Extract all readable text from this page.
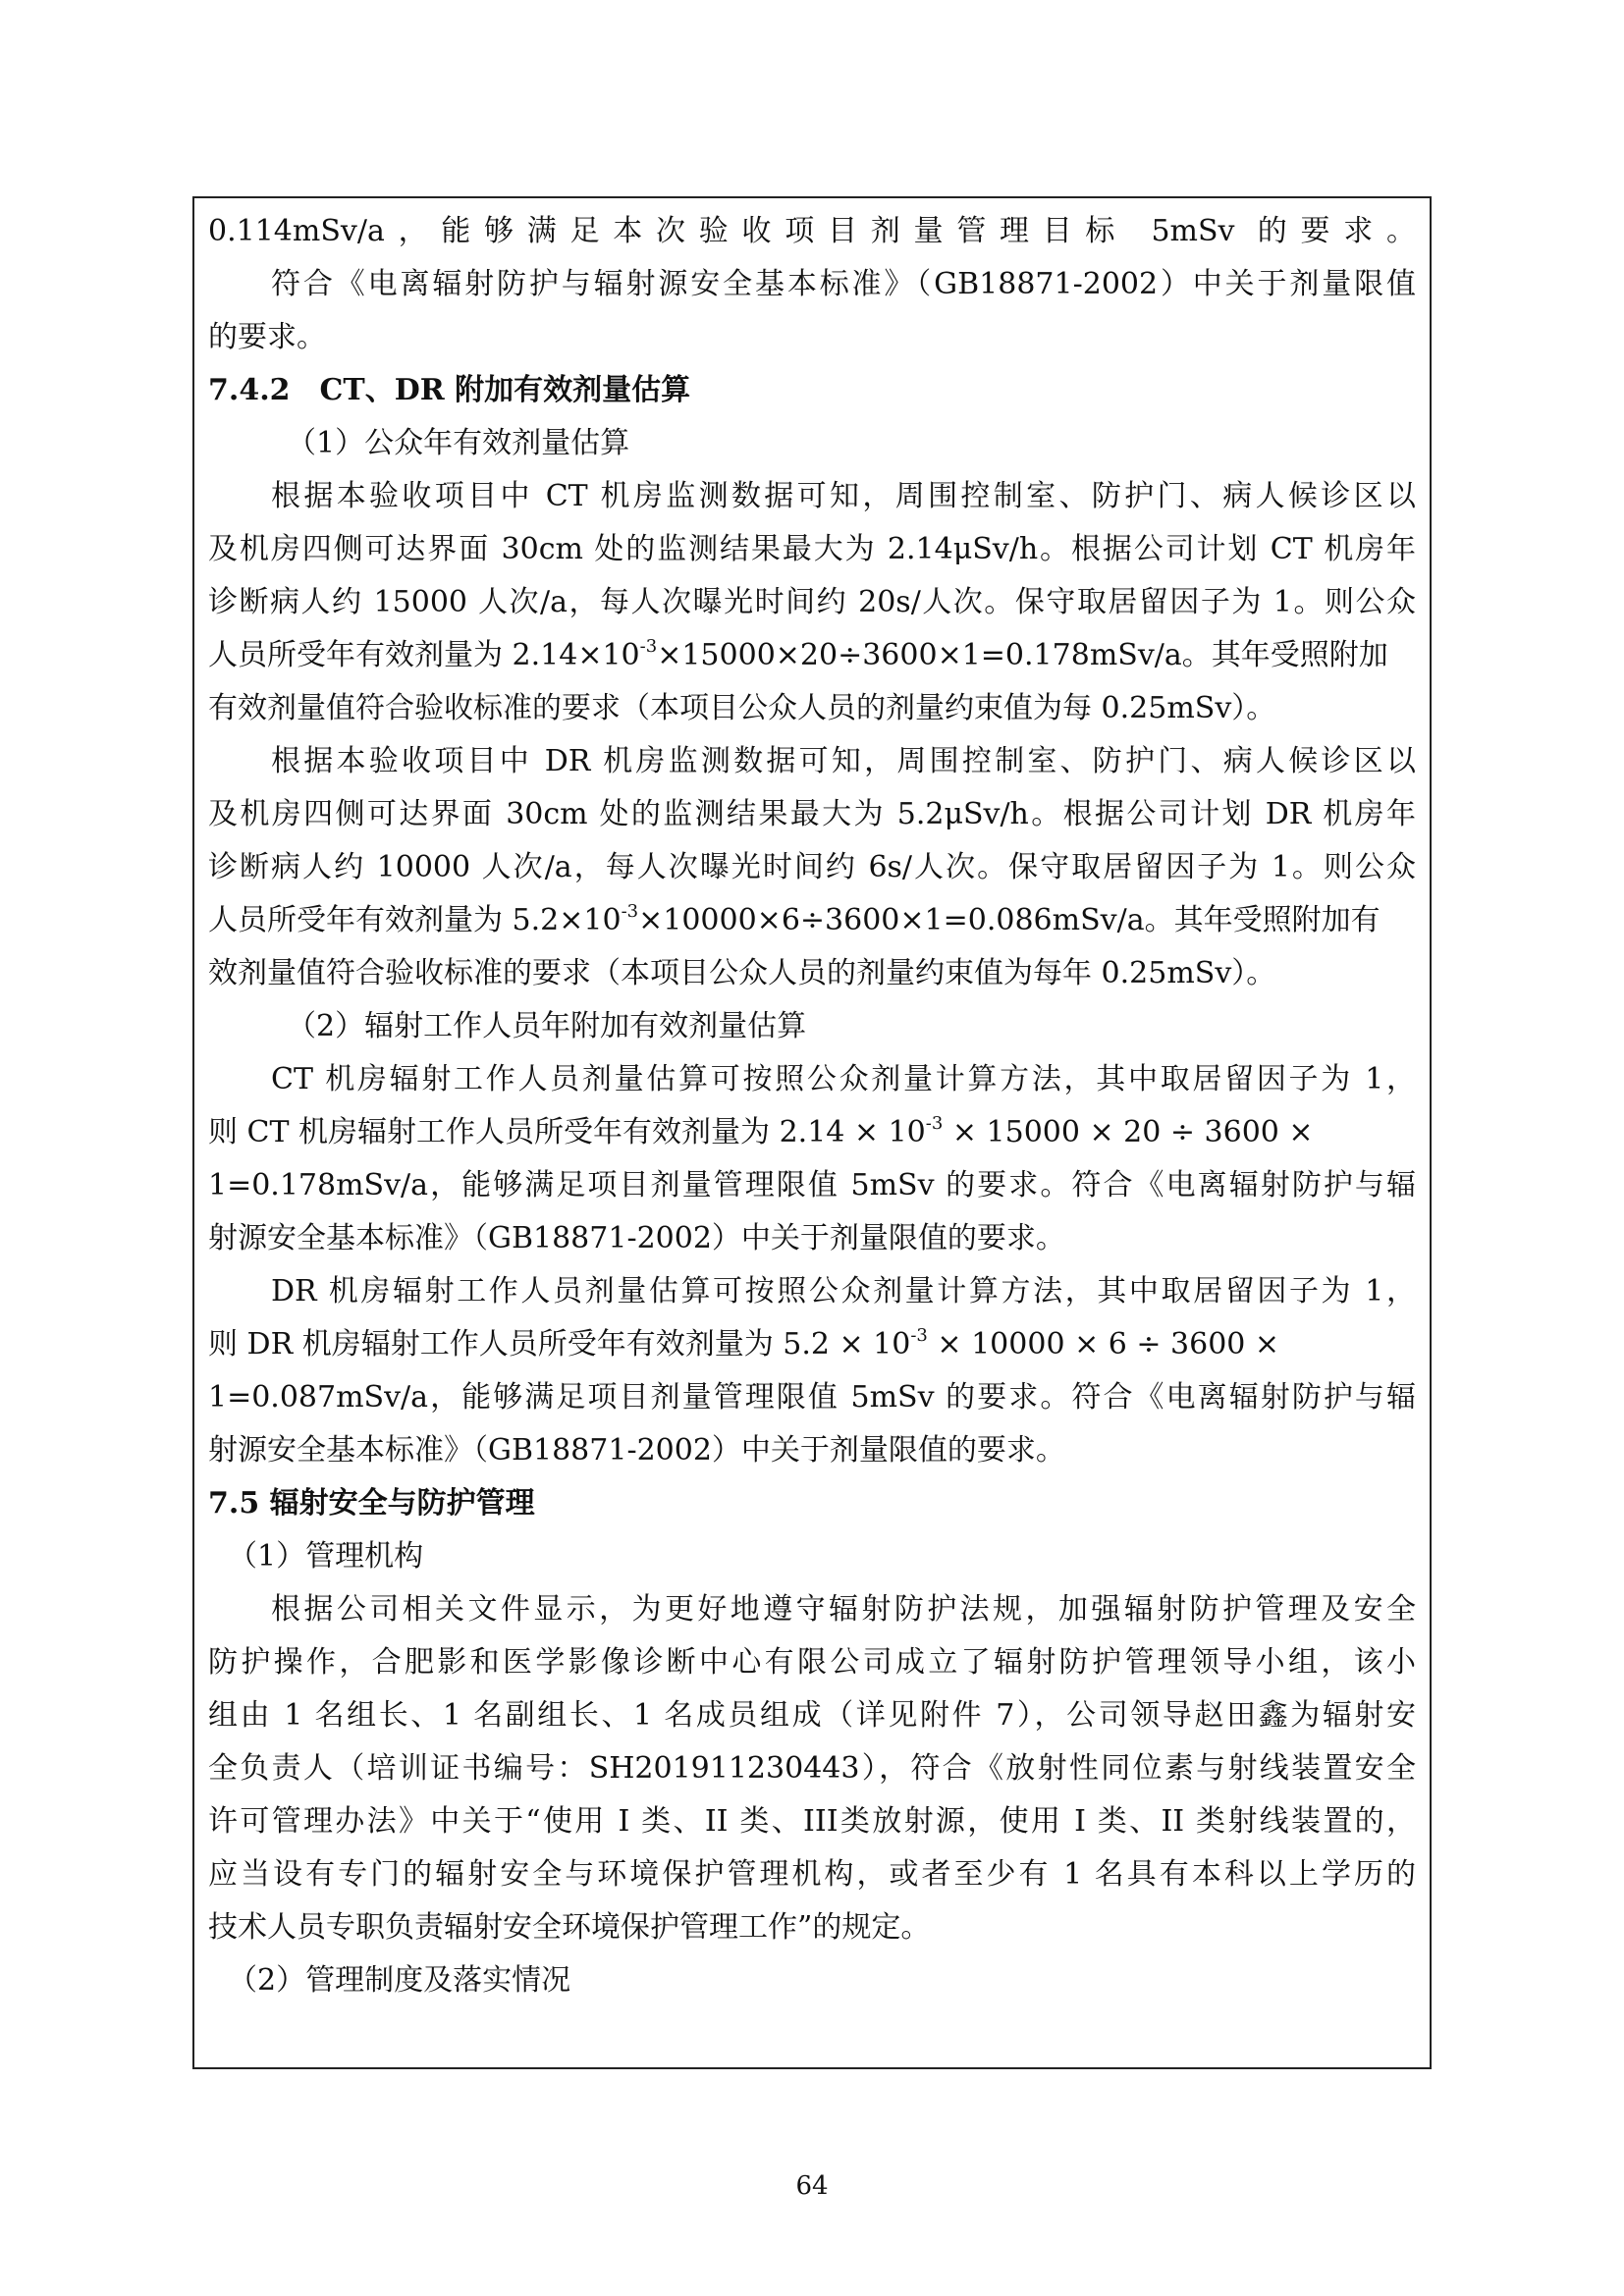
0.114mSv/a，能够满足本次验收项目剂量管理目标 5mSv 的要求。
符合《电离辐射防护与辐射源安全基本标准》（GB18871-2002）中关于剂量限值
的要求。
7.4.2　CT、DR 附加有效剂量估算
（1）公众年有效剂量估算
根据本验收项目中 CT 机房监测数据可知，周围控制室、防护门、病人候诊区以
及机房四侧可达界面 30cm 处的监测结果最大为 2.14μSv/h。根据公司计划 CT 机房年
诊断病人约 15000 人次/a，每人次曝光时间约 20s/人次。保守取居留因子为 1。则公众
人员所受年有效剂量为 $2.14\times 10^{-3}\times 15000\times 20\div 3600\times 1=0.178mSv/a$。其年受照附加
有效剂量值符合验收标准的要求（本项目公众人员的剂量约束值为每 0.25mSv）。
根据本验收项目中 DR 机房监测数据可知，周围控制室、防护门、病人候诊区以
及机房四侧可达界面 30cm 处的监测结果最大为 5.2μSv/h。根据公司计划 DR 机房年
诊断病人约 10000 人次/a，每人次曝光时间约 6s/人次。保守取居留因子为 1。则公众
人员所受年有效剂量为 $5.2\times 10^{-3}\times 10000\times 6\div 3600\times 1=0.086mSv/a$。其年受照附加有
效剂量值符合验收标准的要求（本项目公众人员的剂量约束值为每年 0.25mSv）。
（2）辐射工作人员年附加有效剂量估算
CT 机房辐射工作人员剂量估算可按照公众剂量计算方法，其中取居留因子为 1，
则 CT 机房辐射工作人员所受年有效剂量为 $2.14 \times 10^{-3} \times 15000 \times 20 \div 3600$ ×
1=0.178mSv/a，能够满足项目剂量管理限值 5mSv 的要求。符合《电离辐射防护与辐
射源安全基本标准》（GB18871-2002）中关于剂量限值的要求。
DR 机房辐射工作人员剂量估算可按照公众剂量计算方法，其中取居留因子为 1，
则 DR 机房辐射工作人员所受年有效剂量为 $5.2 \times 10^{-3} \times 10000 \times 6 \div 3600$ ×
1=0.087mSv/a，能够满足项目剂量管理限值 5mSv 的要求。符合《电离辐射防护与辐
射源安全基本标准》（GB18871-2002）中关于剂量限值的要求。
7.5 辐射安全与防护管理
（1）管理机构
根据公司相关文件显示，为更好地遵守辐射防护法规，加强辐射防护管理及安全
防护操作，合肥影和医学影像诊断中心有限公司成立了辐射防护管理领导小组，该小
组由 1 名组长、1 名副组长、1 名成员组成（详见附件 7），公司领导赵田鑫为辐射安
全负责人（培训证书编号：SH201911230443），符合《放射性同位素与射线装置安全
许可管理办法》中关于“使用 I 类、II 类、III类放射源，使用 I 类、II 类射线装置的，
应当设有专门的辐射安全与环境保护管理机构，或者至少有 1 名具有本科以上学历的
技术人员专职负责辐射安全环境保护管理工作”的规定。
（2）管理制度及落实情况
64
